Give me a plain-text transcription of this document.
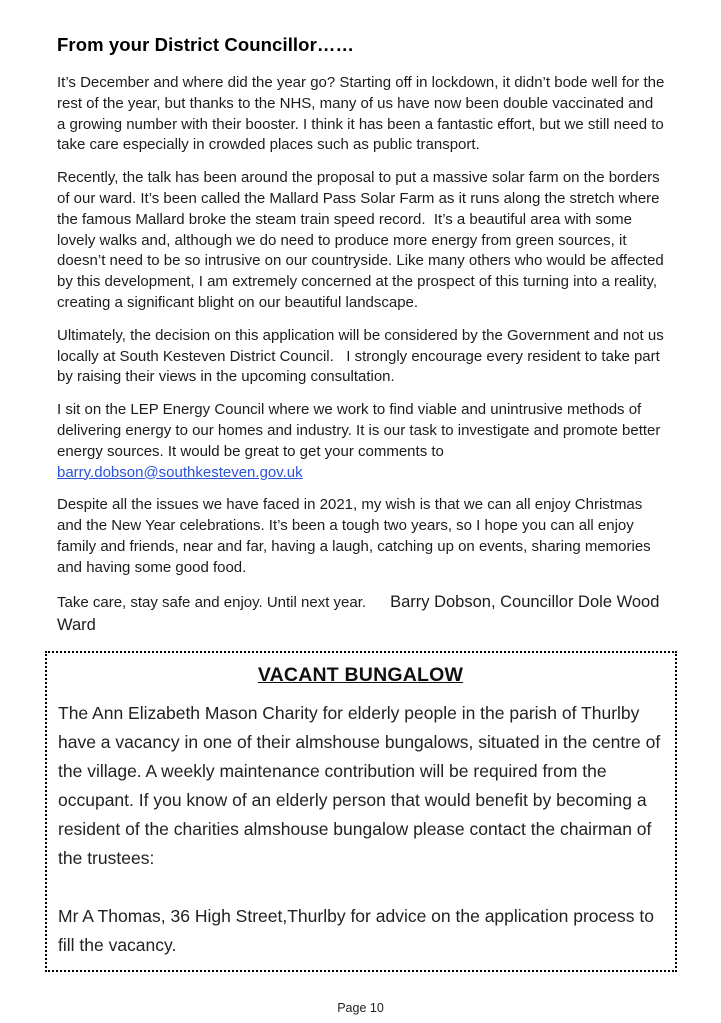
From your District Councillor……

It’s December and where did the year go? Starting off in lockdown, it didn’t bode well for the rest of the year, but thanks to the NHS, many of us have now been double vaccinated and a growing number with their booster. I think it has been a fantastic effort, but we still need to take care especially in crowded places such as public transport.

Recently, the talk has been around the proposal to put a massive solar farm on the borders of our ward. It’s been called the Mallard Pass Solar Farm as it runs along the stretch where the famous Mallard broke the steam train speed record.  It’s a beautiful area with some lovely walks and, although we do need to produce more energy from green sources, it doesn’t need to be so intrusive on our countryside. Like many others who would be affected by this development, I am extremely concerned at the prospect of this turning into a reality, creating a significant blight on our beautiful landscape.

Ultimately, the decision on this application will be considered by the Government and not us locally at South Kesteven District Council.   I strongly encourage every resident to take part by raising their views in the upcoming consultation.

I sit on the LEP Energy Council where we work to find viable and unintrusive methods of delivering energy to our homes and industry. It is our task to investigate and promote better energy sources. It would be great to get your comments to barry.dobson@southkesteven.gov.uk

Despite all the issues we have faced in 2021, my wish is that we can all enjoy Christmas and the New Year celebrations. It’s been a tough two years, so I hope you can all enjoy family and friends, near and far, having a laugh, catching up on events, sharing memories and having some good food.

Take care, stay safe and enjoy. Until next year. Barry Dobson, Councillor Dole Wood Ward

VACANT BUNGALOW

The Ann Elizabeth Mason Charity for elderly people in the parish of Thurlby have a vacancy in one of their almshouse bungalows, situated in the centre of the village. A weekly maintenance contribution will be required from the occupant. If you know of an elderly person that would benefit by becoming a resident of the charities almshouse bungalow please contact the chairman of the trustees:

Mr A Thomas, 36 High Street,Thurlby for advice on the application process to fill the vacancy.

Page 10
